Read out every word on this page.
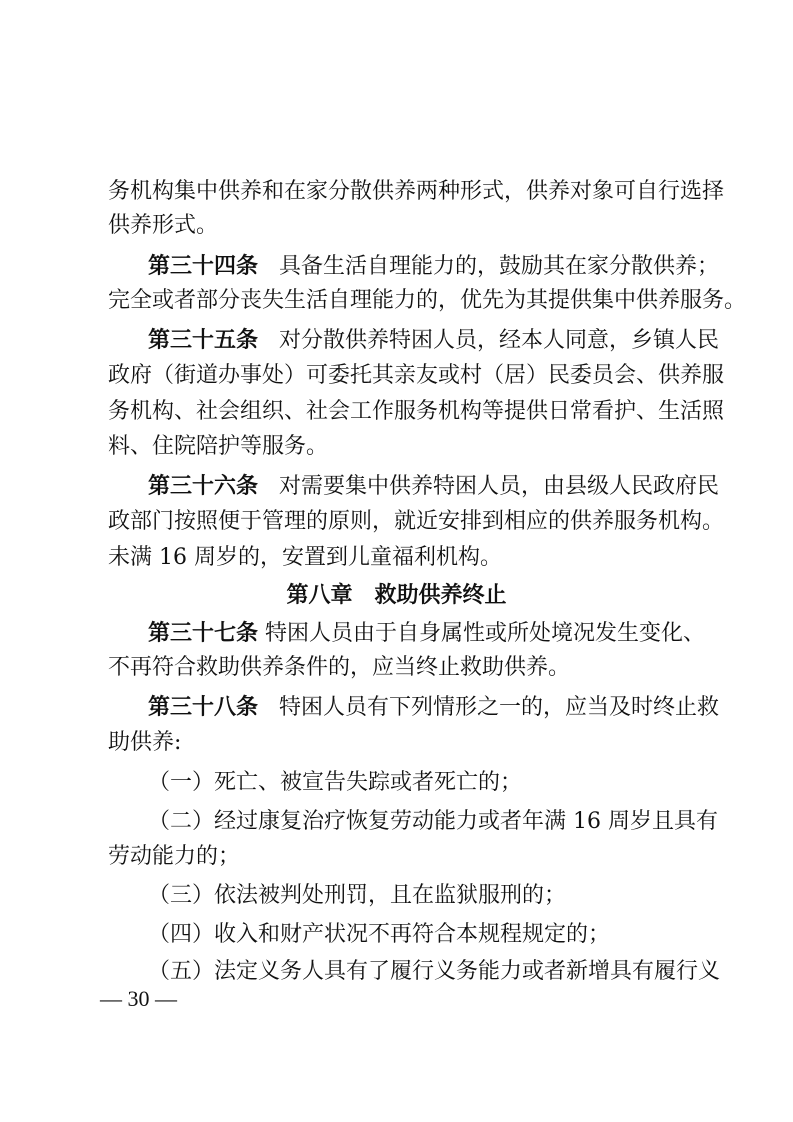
务机构集中供养和在家分散供养两种形式，供养对象可自行选择
供养形式。
第三十四条 具备生活自理能力的，鼓励其在家分散供养；
完全或者部分丧失生活自理能力的，优先为其提供集中供养服务。
第三十五条 对分散供养特困人员，经本人同意，乡镇人民
政府（街道办事处）可委托其亲友或村（居）民委员会、供养服
务机构、社会组织、社会工作服务机构等提供日常看护、生活照
料、住院陪护等服务。
第三十六条 对需要集中供养特困人员，由县级人民政府民
政部门按照便于管理的原则，就近安排到相应的供养服务机构。
未满 16 周岁的，安置到儿童福利机构。
第八章　救助供养终止
第三十七条 特困人员由于自身属性或所处境况发生变化、
不再符合救助供养条件的，应当终止救助供养。
第三十八条 特困人员有下列情形之一的，应当及时终止救
助供养:
（一）死亡、被宣告失踪或者死亡的；
（二）经过康复治疗恢复劳动能力或者年满 16 周岁且具有
劳动能力的；
（三）依法被判处刑罚，且在监狱服刑的；
（四）收入和财产状况不再符合本规程规定的；
（五）法定义务人具有了履行义务能力或者新增具有履行义
— 30 —
